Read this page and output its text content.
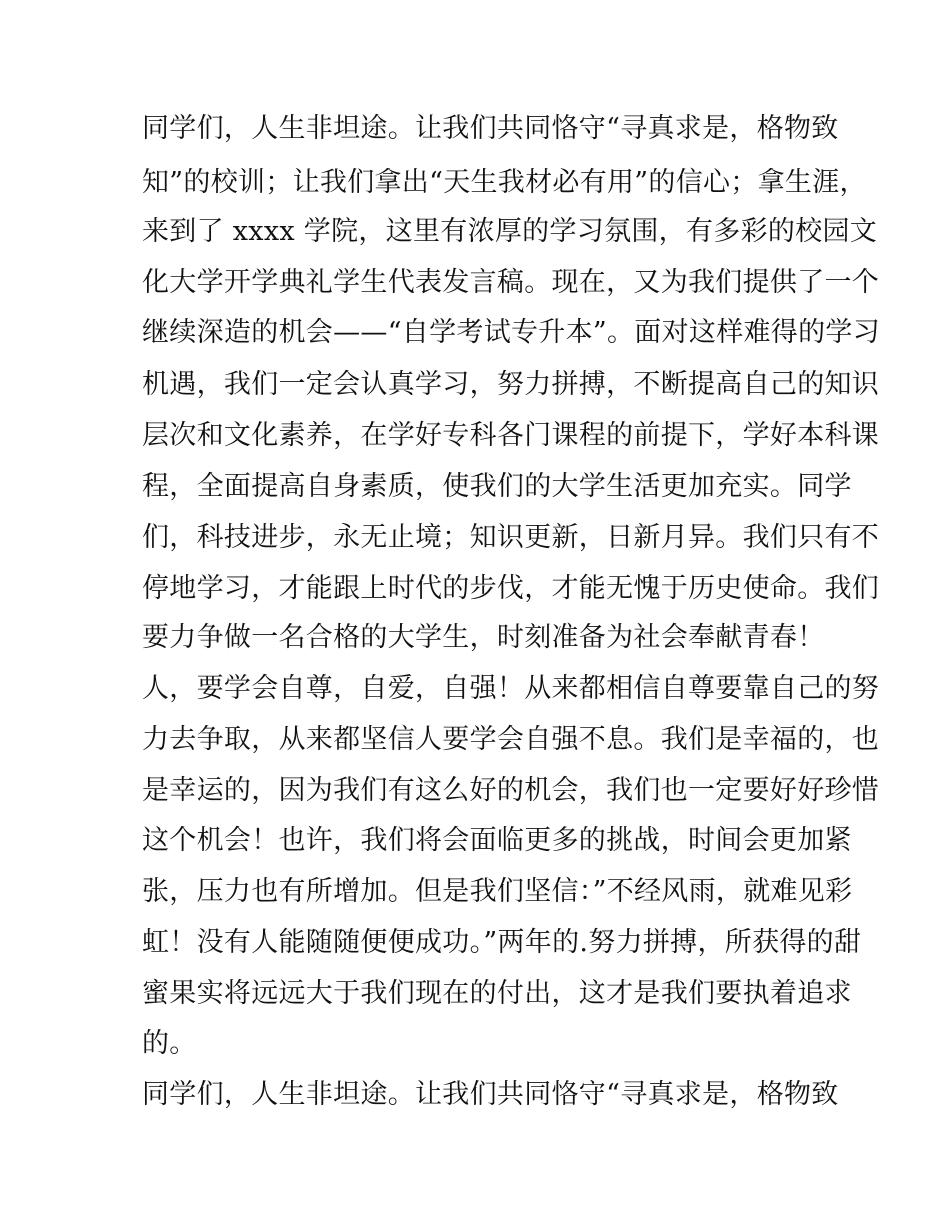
同学们，人生非坦途。让我们共同恪守“寻真求是，格物致
知”的校训；让我们拿出“天生我材必有用”的信心；拿生涯，
来到了 xxxx 学院，这里有浓厚的学习氛围，有多彩的校园文
化大学开学典礼学生代表发言稿。现在，又为我们提供了一个
继续深造的机会——“自学考试专升本”。面对这样难得的学习
机遇，我们一定会认真学习，努力拼搏，不断提高自己的知识
层次和文化素养，在学好专科各门课程的前提下，学好本科课
程，全面提高自身素质，使我们的大学生活更加充实。同学
们，科技进步，永无止境；知识更新，日新月异。我们只有不
停地学习，才能跟上时代的步伐，才能无愧于历史使命。我们
要力争做一名合格的大学生，时刻准备为社会奉献青春！
人，要学会自尊，自爱，自强！从来都相信自尊要靠自己的努
力去争取，从来都坚信人要学会自强不息。我们是幸福的，也
是幸运的，因为我们有这么好的机会，我们也一定要好好珍惜
这个机会！也许，我们将会面临更多的挑战，时间会更加紧
张，压力也有所增加。但是我们坚信：”不经风雨，就难见彩
虹！没有人能随随便便成功。”两年的.努力拼搏，所获得的甜
蜜果实将远远大于我们现在的付出，这才是我们要执着追求
的。
同学们，人生非坦途。让我们共同恪守“寻真求是，格物致
